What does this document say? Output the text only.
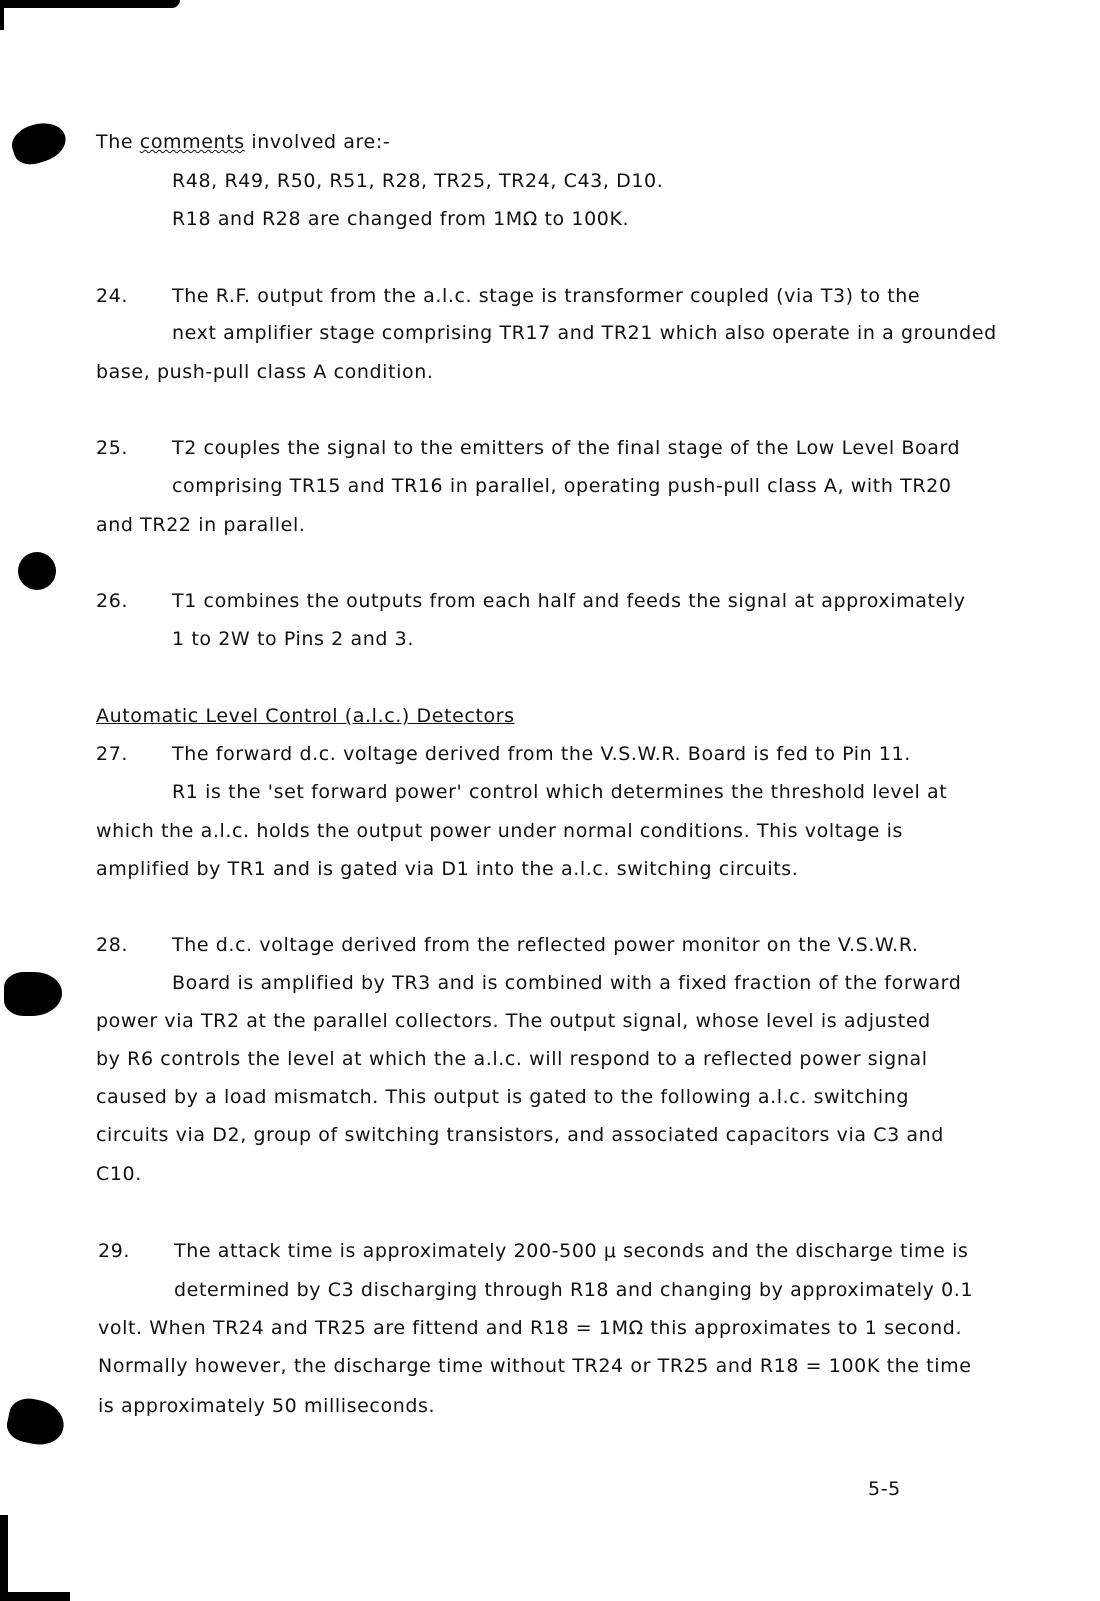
The comments involved are:-
R48, R49, R50, R51, R28, TR25, TR24, C43, D10.
R18 and R28 are changed from 1MΩ to 100K.
24. The R.F. output from the a.l.c. stage is transformer coupled (via T3) to the
next amplifier stage comprising TR17 and TR21 which also operate in a grounded
base, push-pull class A condition.
25. T2 couples the signal to the emitters of the final stage of the Low Level Board
comprising TR15 and TR16 in parallel, operating push-pull class A, with TR20
and TR22 in parallel.
26. T1 combines the outputs from each half and feeds the signal at approximately
1 to 2W to Pins 2 and 3.
Automatic Level Control (a.l.c.) Detectors
27. The forward d.c. voltage derived from the V.S.W.R. Board is fed to Pin 11.
R1 is the 'set forward power' control which determines the threshold level at
which the a.l.c. holds the output power under normal conditions. This voltage is
amplified by TR1 and is gated via D1 into the a.l.c. switching circuits.
28. The d.c. voltage derived from the reflected power monitor on the V.S.W.R.
Board is amplified by TR3 and is combined with a fixed fraction of the forward
power via TR2 at the parallel collectors. The output signal, whose level is adjusted
by R6 controls the level at which the a.l.c. will respond to a reflected power signal
caused by a load mismatch. This output is gated to the following a.l.c. switching
circuits via D2, group of switching transistors, and associated capacitors via C3 and
C10.
29. The attack time is approximately 200-500 μ seconds and the discharge time is
determined by C3 discharging through R18 and changing by approximately 0.1
volt. When TR24 and TR25 are fittend and R18 = 1MΩ this approximates to 1 second.
Normally however, the discharge time without TR24 or TR25 and R18 = 100K the time
is approximately 50 milliseconds.
5-5
